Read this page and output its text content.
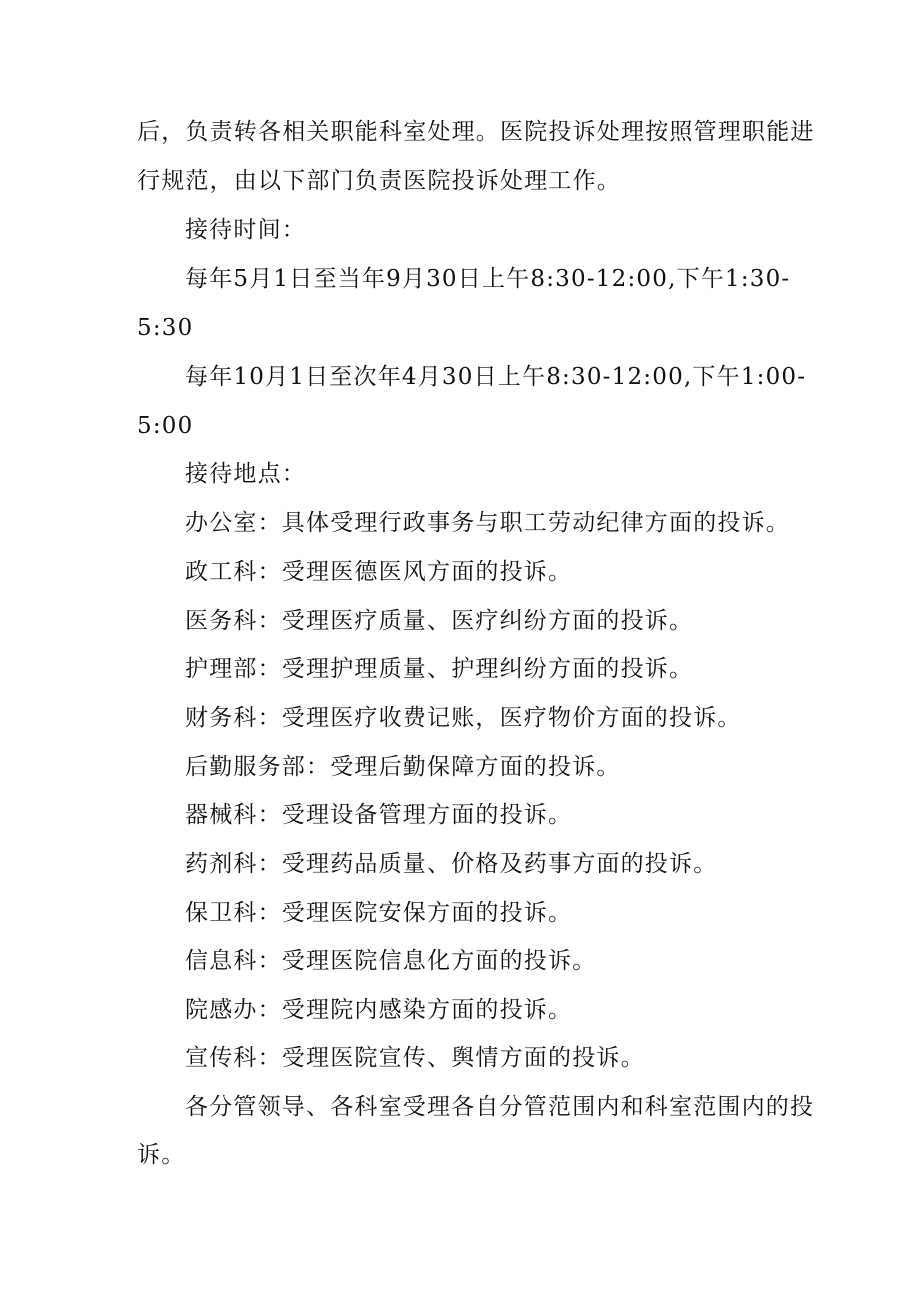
后，负责转各相关职能科室处理。医院投诉处理按照管理职能进
行规范，由以下部门负责医院投诉处理工作。
接待时间：
每年5月1日至当年9月30日上午8:30-12:00,下午1:30-
5:30
每年10月1日至次年4月30日上午8:30-12:00,下午1:00-
5:00
接待地点：
办公室：具体受理行政事务与职工劳动纪律方面的投诉。
政工科：受理医德医风方面的投诉。
医务科：受理医疗质量、医疗纠纷方面的投诉。
护理部：受理护理质量、护理纠纷方面的投诉。
财务科：受理医疗收费记账，医疗物价方面的投诉。
后勤服务部：受理后勤保障方面的投诉。
器械科：受理设备管理方面的投诉。
药剂科：受理药品质量、价格及药事方面的投诉。
保卫科：受理医院安保方面的投诉。
信息科：受理医院信息化方面的投诉。
院感办：受理院内感染方面的投诉。
宣传科：受理医院宣传、舆情方面的投诉。
各分管领导、各科室受理各自分管范围内和科室范围内的投
诉。
